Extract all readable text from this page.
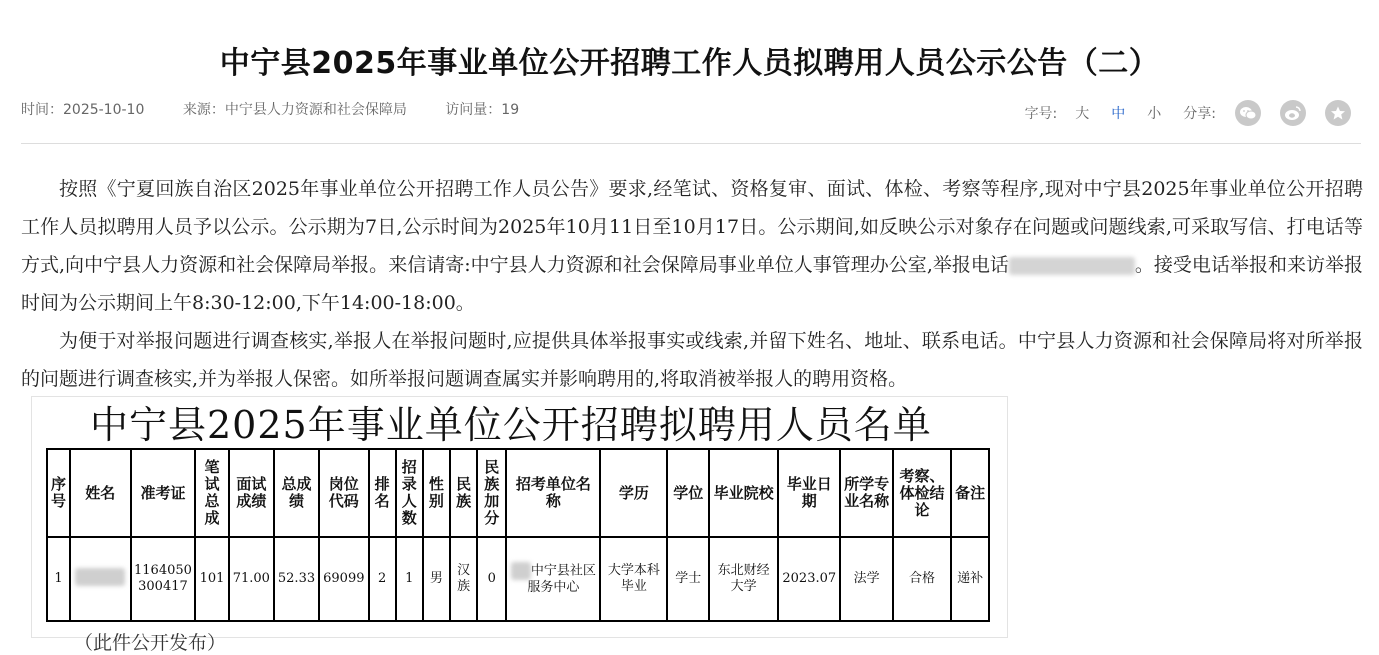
中宁县2025年事业单位公开招聘工作人员拟聘用人员公示公告（二）
时间：2025-10-10	来源：中宁县人力资源和社会保障局	访问量：19	字号: 大 中 小 分享:

按照《宁夏回族自治区2025年事业单位公开招聘工作人员公告》要求,经笔试、资格复审、面试、体检、考察等程序,现对中宁县2025年事业单位公开招聘工作人员拟聘用人员予以公示。公示期为7日,公示时间为2025年10月11日至10月17日。公示期间,如反映公示对象存在问题或问题线索,可采取写信、打电话等方式,向中宁县人力资源和社会保障局举报。来信请寄:中宁县人力资源和社会保障局事业单位人事管理办公室,举报电话	。接受电话举报和来访举报时间为公示期间上午8:30-12:00,下午14:00-18:00。

为便于对举报问题进行调查核实,举报人在举报问题时,应提供具体举报事实或线索,并留下姓名、地址、联系电话。中宁县人力资源和社会保障局将对所举报的问题进行调查核实,并为举报人保密。如所举报问题调查属实并影响聘用的,将取消被举报人的聘用资格。

中宁县2025年事业单位公开招聘拟聘用人员名单
序号	姓名	准考证	笔试总成	面试成绩	总成绩	岗位代码	排名	招录人数	性别	民族	民族加分	招考单位名称	学历	学位	毕业院校	毕业日期	所学专业名称	考察、体检结论	备注
1		1164050300417	101	71.00	52.33	69099	2	1	男	汉族	0	中宁县社区服务中心	大学本科毕业	学士	东北财经大学	2023.07	法学	合格	递补
（此件公开发布）
